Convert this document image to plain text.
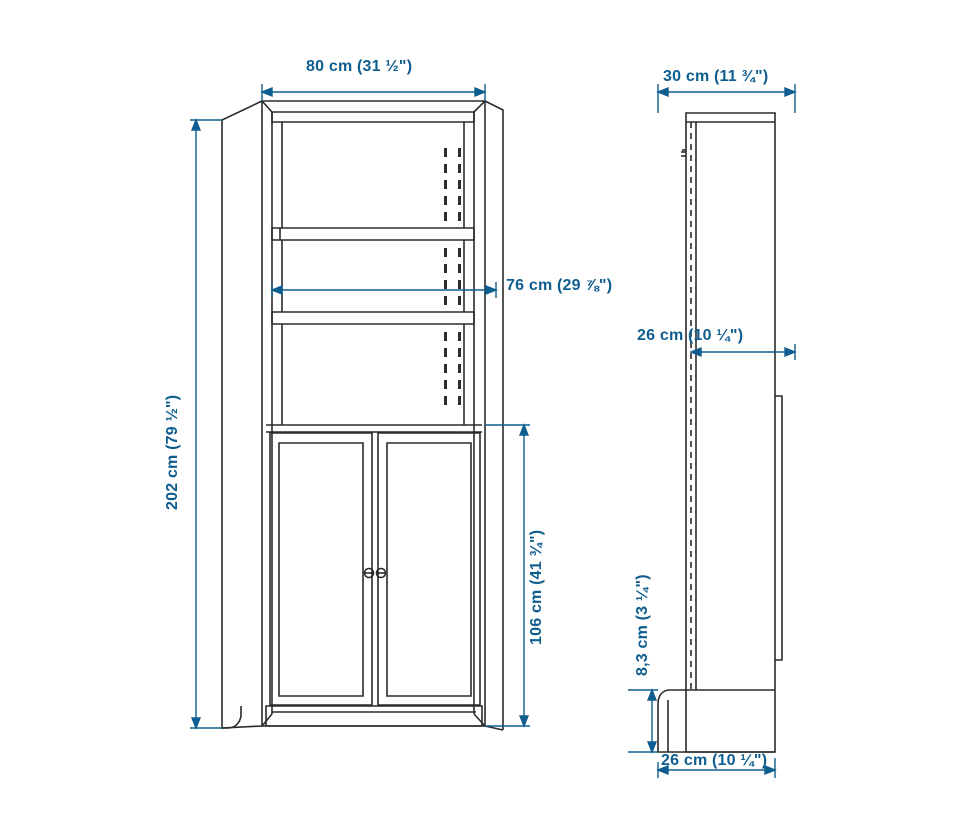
80 cm (31 ½")
202 cm (79 ½")
76 cm (29 ⅞")
106 cm (41 ¾")
30 cm (11 ¾")
26 cm (10 ¼")
8,3 cm (3 ¼")
26 cm (10 ¼")
